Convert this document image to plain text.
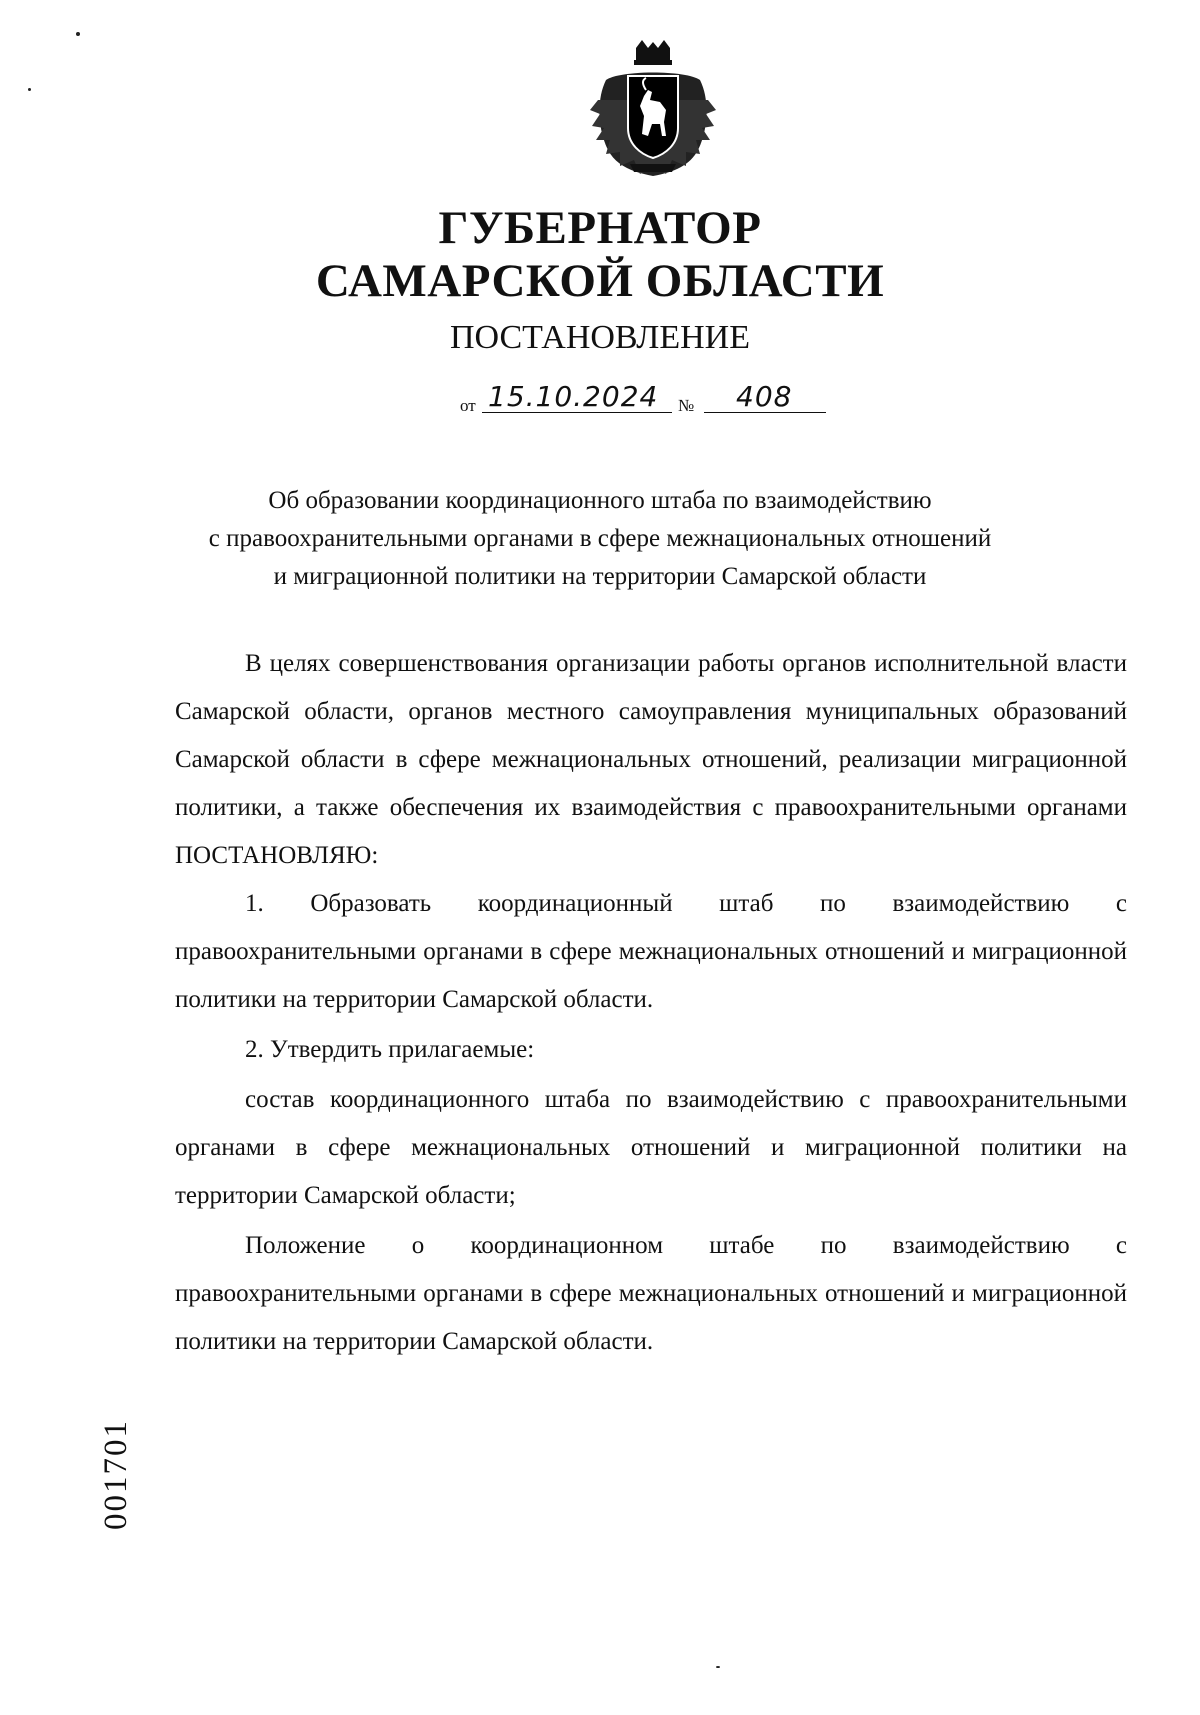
ГУБЕРНАТОР
САМАРСКОЙ ОБЛАСТИ
ПОСТАНОВЛЕНИЕ
от 15.10.2024 № 408
Об образовании координационного штаба по взаимодействию
с правоохранительными органами в сфере межнациональных отношений
и миграционной политики на территории Самарской области

В целях совершенствования организации работы органов исполнительной власти Самарской области, органов местного самоуправления муниципальных образований Самарской области в сфере межнациональных отношений, реализации миграционной политики, а также обеспечения их взаимодействия с правоохранительными органами

ПОСТАНОВЛЯЮ:

1. Образовать координационный штаб по взаимодействию с правоохранительными органами в сфере межнациональных отношений и миграционной политики на территории Самарской области.

2. Утвердить прилагаемые:

состав координационного штаба по взаимодействию с правоохранительными органами в сфере межнациональных отношений и миграционной политики на территории Самарской области;

Положение о координационном штабе по взаимодействию с правоохранительными органами в сфере межнациональных отношений и миграционной политики на территории Самарской области.

001701
